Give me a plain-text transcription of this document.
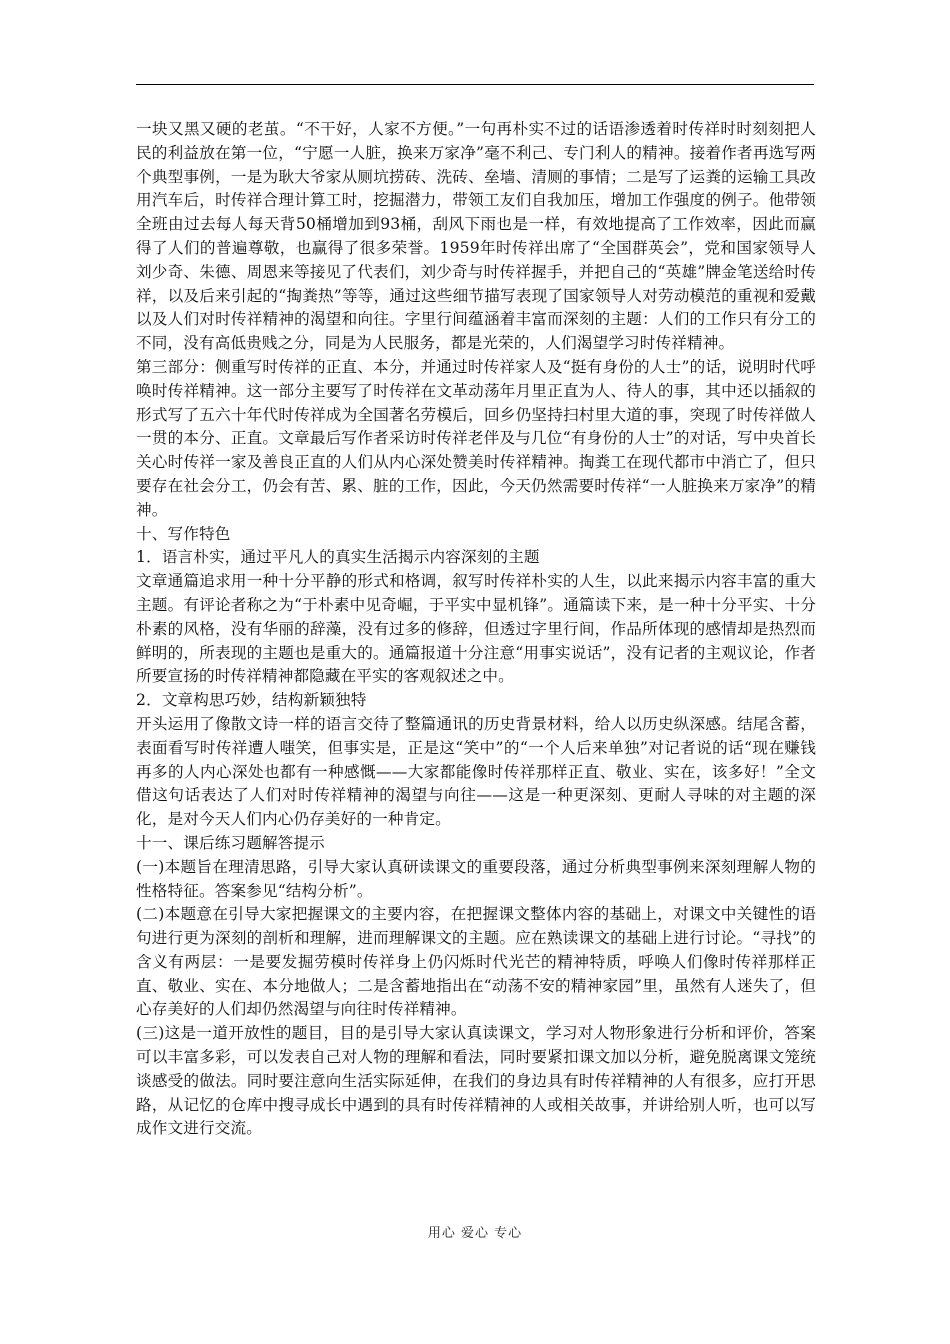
一块又黑又硬的老茧。“不干好，人家不方便。”一句再朴实不过的话语渗透着时传祥时时刻刻把人民的利益放在第一位，“宁愿一人脏，换来万家净”毫不利己、专门利人的精神。接着作者再选写两个典型事例，一是为耿大爷家从厕坑捞砖、洗砖、垒墙、清厕的事情；二是写了运粪的运输工具改用汽车后，时传祥合理计算工时，挖掘潜力，带领工友们自我加压，增加工作强度的例子。他带领全班由过去每人每天背50桶增加到93桶，刮风下雨也是一样，有效地提高了工作效率，因此而赢得了人们的普遍尊敬，也赢得了很多荣誉。1959年时传祥出席了“全国群英会”，党和国家领导人刘少奇、朱德、周恩来等接见了代表们，刘少奇与时传祥握手，并把自己的“英雄”牌金笔送给时传祥，以及后来引起的“掏粪热”等等，通过这些细节描写表现了国家领导人对劳动模范的重视和爱戴以及人们对时传祥精神的渴望和向往。字里行间蕴涵着丰富而深刻的主题：人们的工作只有分工的不同，没有高低贵贱之分，同是为人民服务，都是光荣的，人们渴望学习时传祥精神。

第三部分：侧重写时传祥的正直、本分，并通过时传祥家人及“挺有身份的人士”的话，说明时代呼唤时传祥精神。这一部分主要写了时传祥在文革动荡年月里正直为人、待人的事，其中还以插叙的形式写了五六十年代时传祥成为全国著名劳模后，回乡仍坚持扫村里大道的事，突现了时传祥做人一贯的本分、正直。文章最后写作者采访时传祥老伴及与几位“有身份的人士”的对话，写中央首长关心时传祥一家及善良正直的人们从内心深处赞美时传祥精神。掏粪工在现代都市中消亡了，但只要存在社会分工，仍会有苦、累、脏的工作，因此，今天仍然需要时传祥“一人脏换来万家净”的精神。

十、写作特色

1．语言朴实，通过平凡人的真实生活揭示内容深刻的主题

文章通篇追求用一种十分平静的形式和格调，叙写时传祥朴实的人生，以此来揭示内容丰富的重大主题。有评论者称之为“于朴素中见奇崛，于平实中显机锋”。通篇读下来，是一种十分平实、十分朴素的风格，没有华丽的辞藻，没有过多的修辞，但透过字里行间，作品所体现的感情却是热烈而鲜明的，所表现的主题也是重大的。通篇报道十分注意“用事实说话”，没有记者的主观议论，作者所要宣扬的时传祥精神都隐藏在平实的客观叙述之中。

2．文章构思巧妙，结构新颖独特

开头运用了像散文诗一样的语言交待了整篇通讯的历史背景材料，给人以历史纵深感。结尾含蓄，表面看写时传祥遭人嗤笑，但事实是，正是这“笑中”的“一个人后来单独”对记者说的话“现在赚钱再多的人内心深处也都有一种感慨——大家都能像时传祥那样正直、敬业、实在，该多好！”全文借这句话表达了人们对时传祥精神的渴望与向往——这是一种更深刻、更耐人寻味的对主题的深化，是对今天人们内心仍存美好的一种肯定。

十一、课后练习题解答提示

(一)本题旨在理清思路，引导大家认真研读课文的重要段落，通过分析典型事例来深刻理解人物的性格特征。答案参见“结构分析”。

(二)本题意在引导大家把握课文的主要内容，在把握课文整体内容的基础上，对课文中关键性的语句进行更为深刻的剖析和理解，进而理解课文的主题。应在熟读课文的基础上进行讨论。“寻找”的含义有两层：一是要发掘劳模时传祥身上仍闪烁时代光芒的精神特质，呼唤人们像时传祥那样正直、敬业、实在、本分地做人；二是含蓄地指出在“动荡不安的精神家园”里，虽然有人迷失了，但心存美好的人们却仍然渴望与向往时传祥精神。

(三)这是一道开放性的题目，目的是引导大家认真读课文，学习对人物形象进行分析和评价，答案可以丰富多彩，可以发表自己对人物的理解和看法，同时要紧扣课文加以分析，避免脱离课文笼统谈感受的做法。同时要注意向生活实际延伸，在我们的身边具有时传祥精神的人有很多，应打开思路，从记忆的仓库中搜寻成长中遇到的具有时传祥精神的人或相关故事，并讲给别人听，也可以写成作文进行交流。

用心 爱心 专心
